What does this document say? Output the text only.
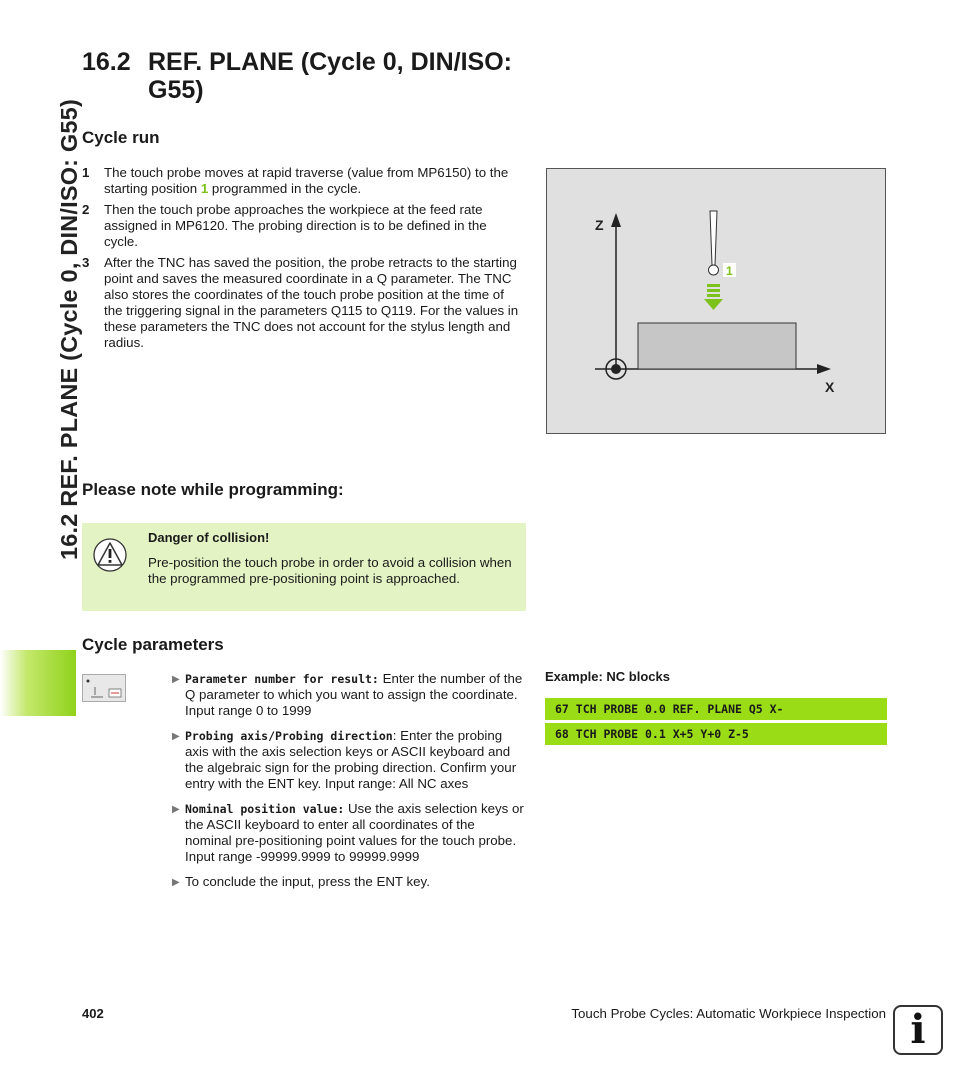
16.2 REF. PLANE (Cycle 0, DIN/ISO: G55)
16.2 REF. PLANE (Cycle 0, DIN/ISO:
G55)
Cycle run
1	The touch probe moves at rapid traverse (value from MP6150) to the starting position 1 programmed in the cycle.
2	Then the touch probe approaches the workpiece at the feed rate assigned in MP6120. The probing direction is to be defined in the cycle.
3	After the TNC has saved the position, the probe retracts to the starting point and saves the measured coordinate in a Q parameter. The TNC also stores the coordinates of the touch probe position at the time of the triggering signal in the parameters Q115 to Q119. For the values in these parameters the TNC does not account for the stylus length and radius.
Z
X
1
Please note while programming:
Danger of collision!
Pre-position the touch probe in order to avoid a collision when the programmed pre-positioning point is approached.
Cycle parameters
▶ Parameter number for result: Enter the number of the Q parameter to which you want to assign the coordinate. Input range 0 to 1999
▶ Probing axis/Probing direction: Enter the probing axis with the axis selection keys or ASCII keyboard and the algebraic sign for the probing direction. Confirm your entry with the ENT key. Input range: All NC axes
▶ Nominal position value: Use the axis selection keys or the ASCII keyboard to enter all coordinates of the nominal pre-positioning point values for the touch probe. Input range -99999.9999 to 99999.9999
▶ To conclude the input, press the ENT key.
Example: NC blocks
67 TCH PROBE 0.0 REF. PLANE Q5 X-
68 TCH PROBE 0.1 X+5 Y+0 Z-5
402	Touch Probe Cycles: Automatic Workpiece Inspection i
